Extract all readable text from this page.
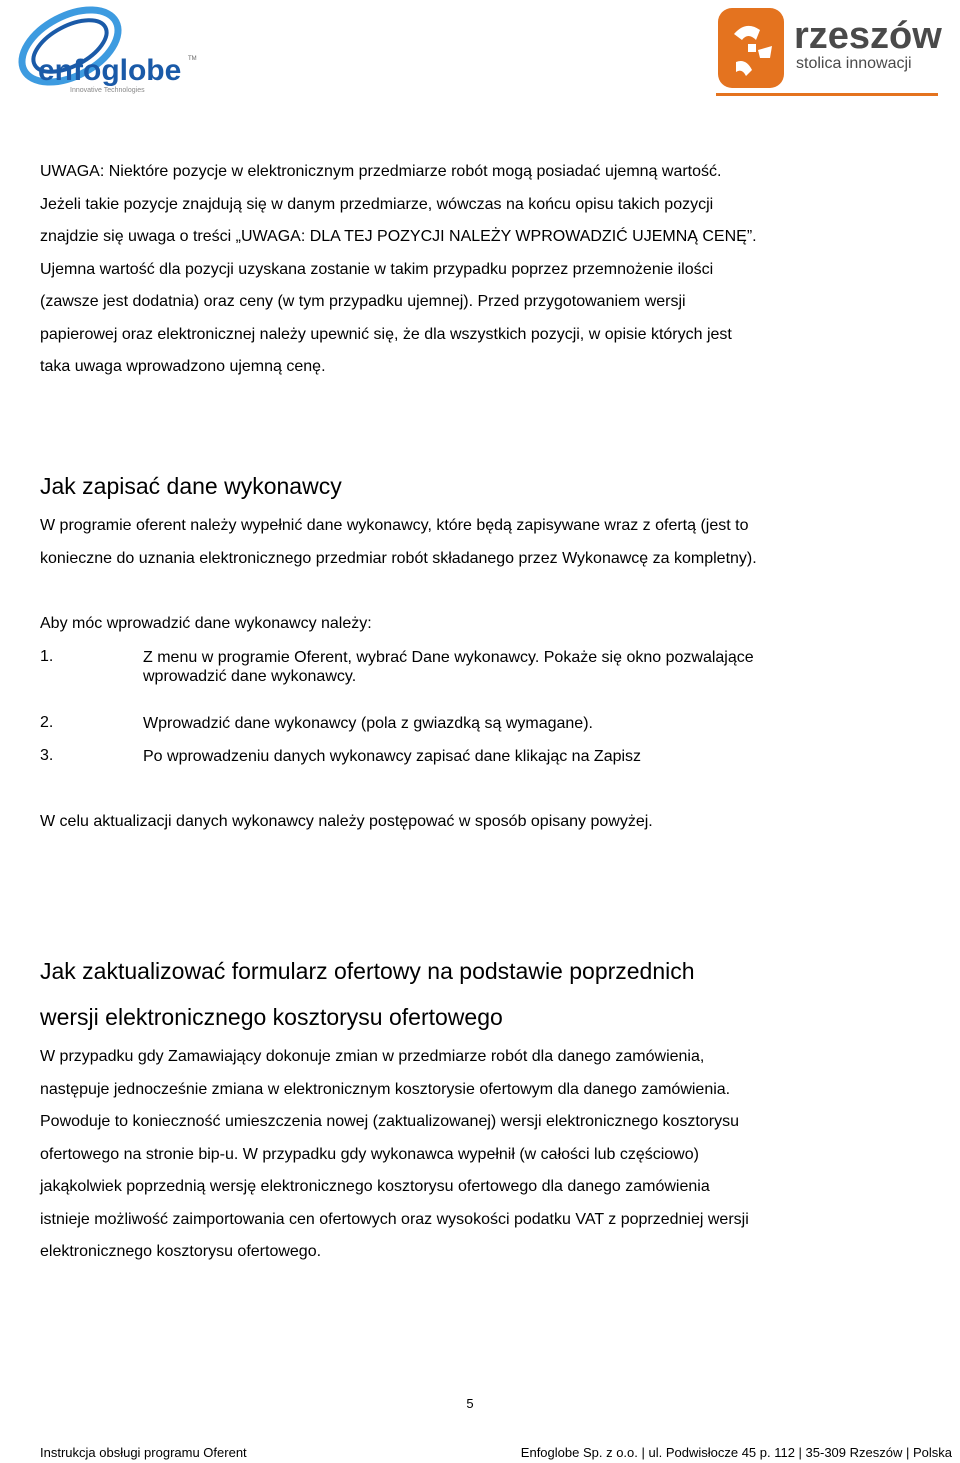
enfoglobe TM
Innovative Technologies
rzeszów
stolica innowacji
UWAGA: Niektóre pozycje w elektronicznym przedmiarze robót mogą posiadać ujemną wartość.
Jeżeli takie pozycje znajdują się w danym przedmiarze, wówczas na końcu opisu takich pozycji
znajdzie się uwaga o treści „UWAGA: DLA TEJ POZYCJI NALEŻY WPROWADZIĆ UJEMNĄ CENĘ”.
Ujemna wartość dla pozycji uzyskana zostanie w takim przypadku poprzez przemnożenie ilości
(zawsze jest dodatnia) oraz ceny (w tym przypadku ujemnej). Przed przygotowaniem wersji
papierowej oraz elektronicznej należy upewnić się, że dla wszystkich pozycji, w opisie których jest
taka uwaga wprowadzono ujemną cenę.
Jak zapisać dane wykonawcy
W programie oferent należy wypełnić dane wykonawcy, które będą zapisywane wraz z ofertą (jest to
konieczne do uznania elektronicznego przedmiar robót składanego przez Wykonawcę za kompletny).
Aby móc wprowadzić dane wykonawcy należy:
1.	Z menu w programie Oferent, wybrać Dane wykonawcy. Pokaże się okno pozwalające
wprowadzić dane wykonawcy.
2.	Wprowadzić dane wykonawcy (pola z gwiazdką są wymagane).
3.	Po wprowadzeniu danych wykonawcy zapisać dane klikając na Zapisz
W celu aktualizacji danych wykonawcy należy postępować w sposób opisany powyżej.
Jak zaktualizować formularz ofertowy na podstawie poprzednich
wersji elektronicznego kosztorysu ofertowego
W przypadku gdy Zamawiający dokonuje zmian w przedmiarze robót dla danego zamówienia,
następuje jednocześnie zmiana w elektronicznym kosztorysie ofertowym dla danego zamówienia.
Powoduje to konieczność umieszczenia nowej (zaktualizowanej) wersji elektronicznego kosztorysu
ofertowego na stronie bip-u. W przypadku gdy wykonawca wypełnił (w całości lub częściowo)
jakąkolwiek poprzednią wersję elektronicznego kosztorysu ofertowego dla danego zamówienia
istnieje możliwość zaimportowania cen ofertowych oraz wysokości podatku VAT z poprzedniej wersji
elektronicznego kosztorysu ofertowego.
5
Instrukcja obsługi programu Oferent	Enfoglobe Sp. z o.o. | ul. Podwisłocze 45 p. 112 | 35-309 Rzeszów | Polska
